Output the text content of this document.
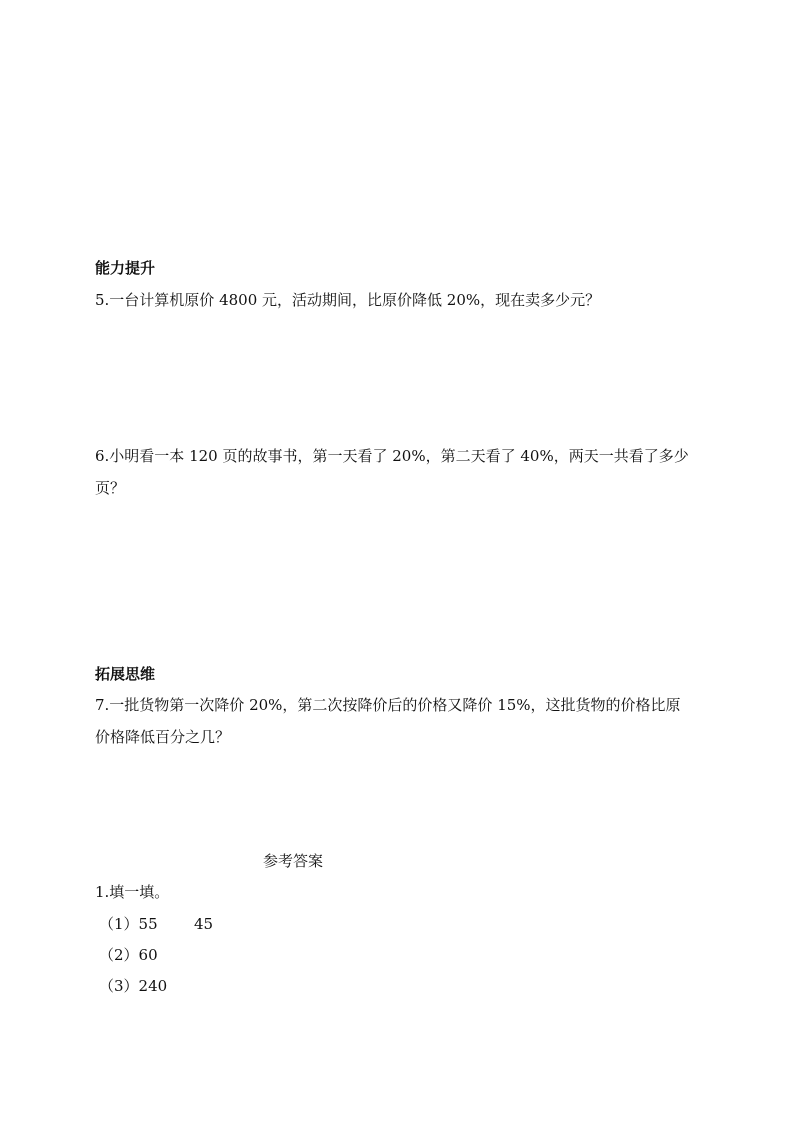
能力提升
5.一台计算机原价 4800 元，活动期间，比原价降低 20%，现在卖多少元？
6.小明看一本 120 页的故事书，第一天看了 20%，第二天看了 40%，两天一共看了多少
页？
拓展思维
7.一批货物第一次降价 20%，第二次按降价后的价格又降价 15%，这批货物的价格比原
价格降低百分之几？
参考答案
1.填一填。
（1）55 45
（2）60
（3）240
